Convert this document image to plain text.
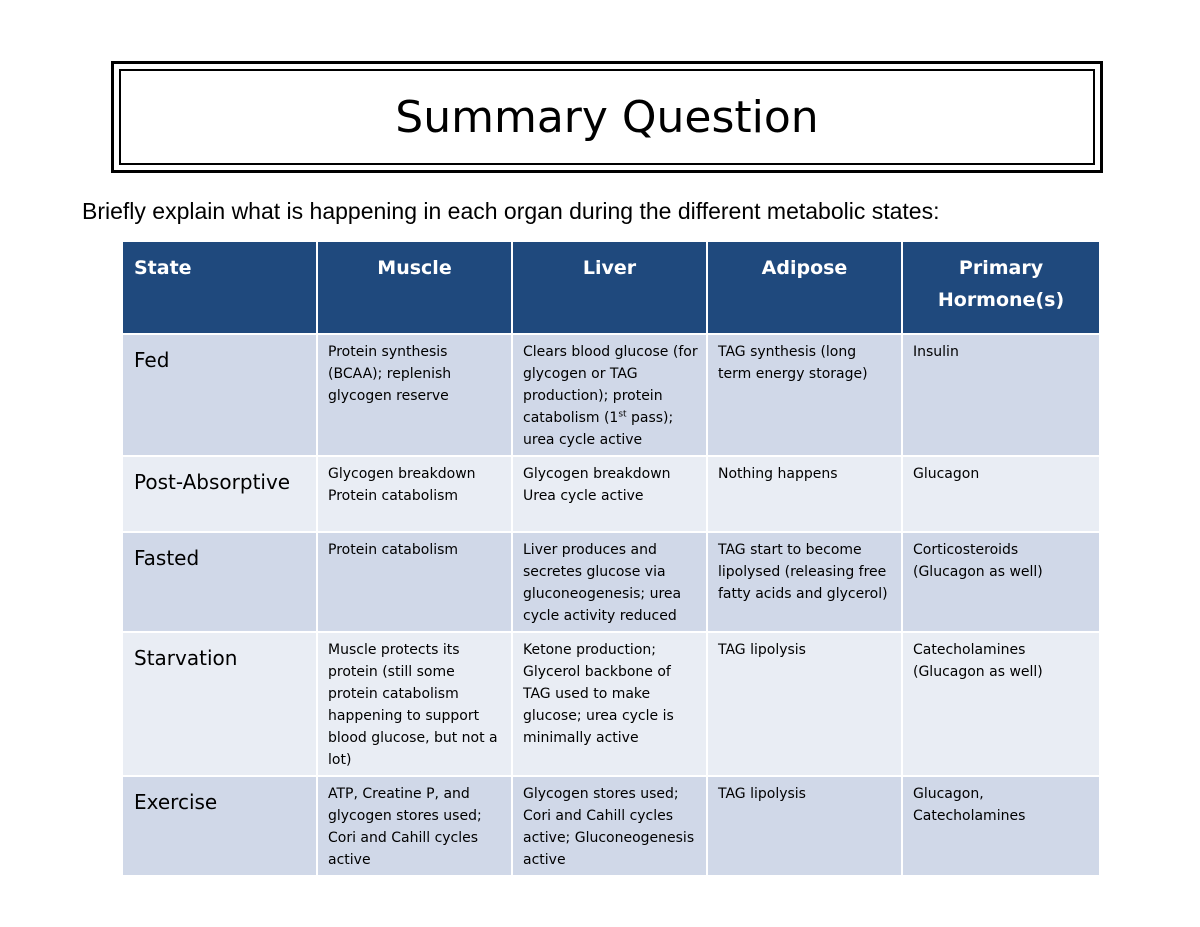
Summary Question
Briefly explain what is happening in each organ during the different metabolic states:
State	Muscle	Liver	Adipose	Primary Hormone(s)
Fed	Protein synthesis (BCAA); replenish glycogen reserve	Clears blood glucose (for glycogen or TAG production); protein catabolism (1st pass); urea cycle active	TAG synthesis (long term energy storage)	Insulin
Post-Absorptive	Glycogen breakdown Protein catabolism	Glycogen breakdown Urea cycle active	Nothing happens	Glucagon
Fasted	Protein catabolism	Liver produces and secretes glucose via gluconeogenesis; urea cycle activity reduced	TAG start to become lipolysed (releasing free fatty acids and glycerol)	Corticosteroids (Glucagon as well)
Starvation	Muscle protects its protein (still some protein catabolism happening to support blood glucose, but not a lot)	Ketone production; Glycerol backbone of TAG used to make glucose; urea cycle is minimally active	TAG lipolysis	Catecholamines (Glucagon as well)
Exercise	ATP, Creatine P, and glycogen stores used; Cori and Cahill cycles active	Glycogen stores used; Cori and Cahill cycles active; Gluconeogenesis active	TAG lipolysis	Glucagon, Catecholamines
